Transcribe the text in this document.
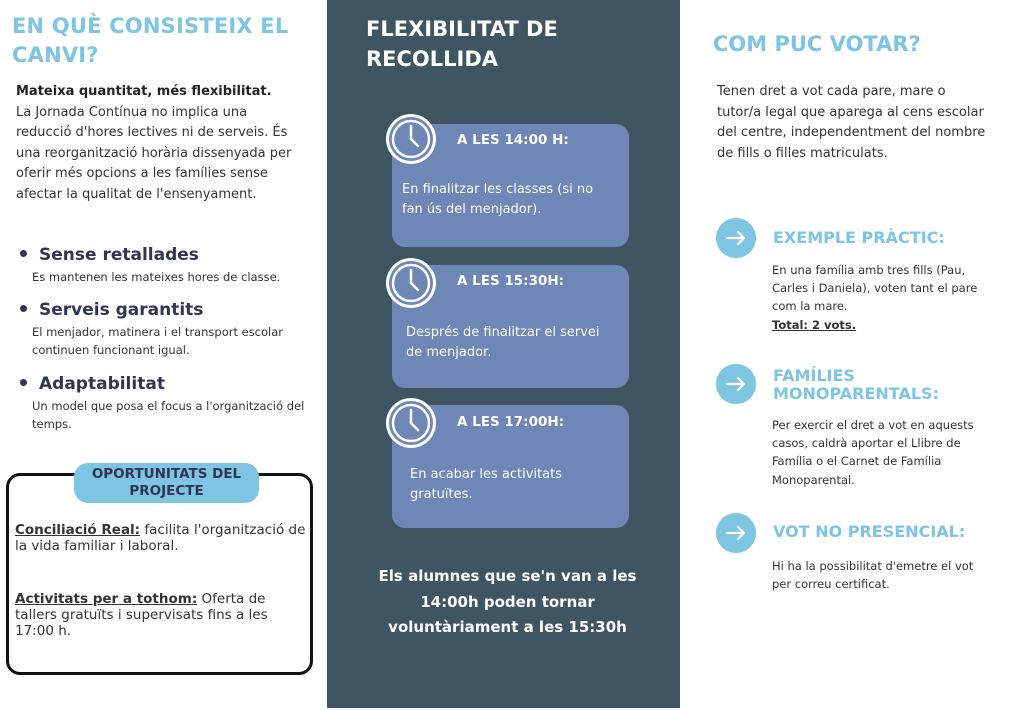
EN QUÈ CONSISTEIX EL CANVI?
Mateixa quantitat, més flexibilitat.
La Jornada Contínua no implica una reducció d'hores lectives ni de serveis. És una reorganització horària dissenyada per oferir més opcions a les famílies sense afectar la qualitat de l'ensenyament.
Sense retallades
Es mantenen les mateixes hores de classe.
Serveis garantits
El menjador, matinera i el transport escolar continuen funcionant igual.
Adaptabilitat
Un model que posa el focus a l'organització del temps.
OPORTUNITATS DEL PROJECTE
Conciliació Real: facilita l'organització de la vida familiar i laboral.
Activitats per a tothom: Oferta de tallers gratuïts i supervisats fins a les 17:00 h.
FLEXIBILITAT DE RECOLLIDA
A LES 14:00 H:
En finalitzar les classes (si no fan ús del menjador).
A LES 15:30H:
Després de finalitzar el servei de menjador.
A LES 17:00H:
En acabar les activitats gratuïtes.
Els alumnes que se'n van a les 14:00h poden tornar voluntàriament a les 15:30h
COM PUC VOTAR?
Tenen dret a vot cada pare, mare o tutor/a legal que aparegа al cens escolar del centre, independentment del nombre de fills o filles matriculats.
EXEMPLE PRÀCTIC:
En una família amb tres fills (Pau, Carles i Daniela), voten tant el pare com la mare.
Total: 2 vots.
FAMÍLIES MONOPARENTALS:
Per exercir el dret a vot en aquests casos, caldrà aportar el Llibre de Família o el Carnet de Família Monoparental.
VOT NO PRESENCIAL:
Hi ha la possibilitat d'emetre el vot per correu certificat.
